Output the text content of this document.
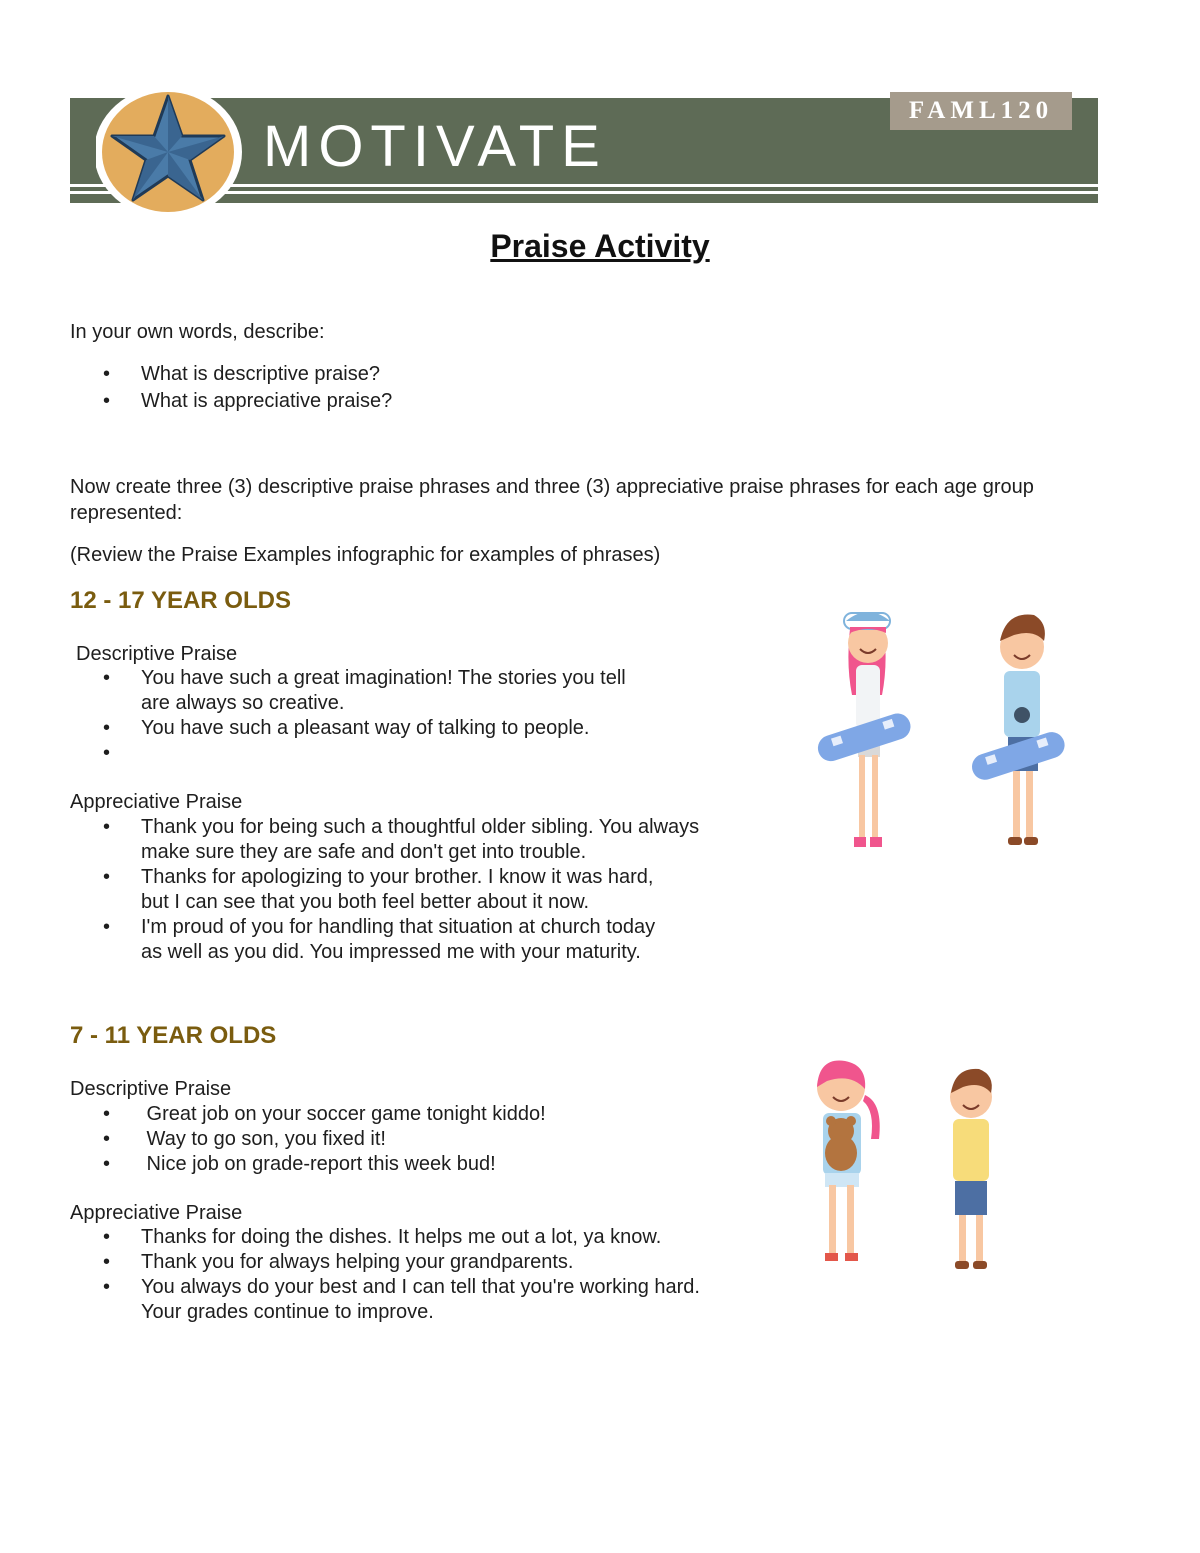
MOTIVATE
FAML120
Praise Activity
In your own words, describe:
• What is descriptive praise?
• What is appreciative praise?
Now create three (3) descriptive praise phrases and three (3) appreciative praise phrases for each age group represented:
(Review the Praise Examples infographic for examples of phrases)
12 - 17 YEAR OLDS
Descriptive Praise
• You have such a great imagination! The stories you tell
are always so creative.
• You have such a pleasant way of talking to people.
•

Appreciative Praise
• Thank you for being such a thoughtful older sibling. You always
make sure they are safe and don't get into trouble.
• Thanks for apologizing to your brother. I know it was hard,
but I can see that you both feel better about it now.
• I'm proud of you for handling that situation at church today
as well as you did. You impressed me with your maturity.
7 - 11 YEAR OLDS
Descriptive Praise
• Great job on your soccer game tonight kiddo!
• Way to go son, you fixed it!
• Nice job on grade-report this week bud!
Appreciative Praise
• Thanks for doing the dishes. It helps me out a lot, ya know.
• Thank you for always helping your grandparents.
• You always do your best and I can tell that you're working hard.
Your grades continue to improve.
